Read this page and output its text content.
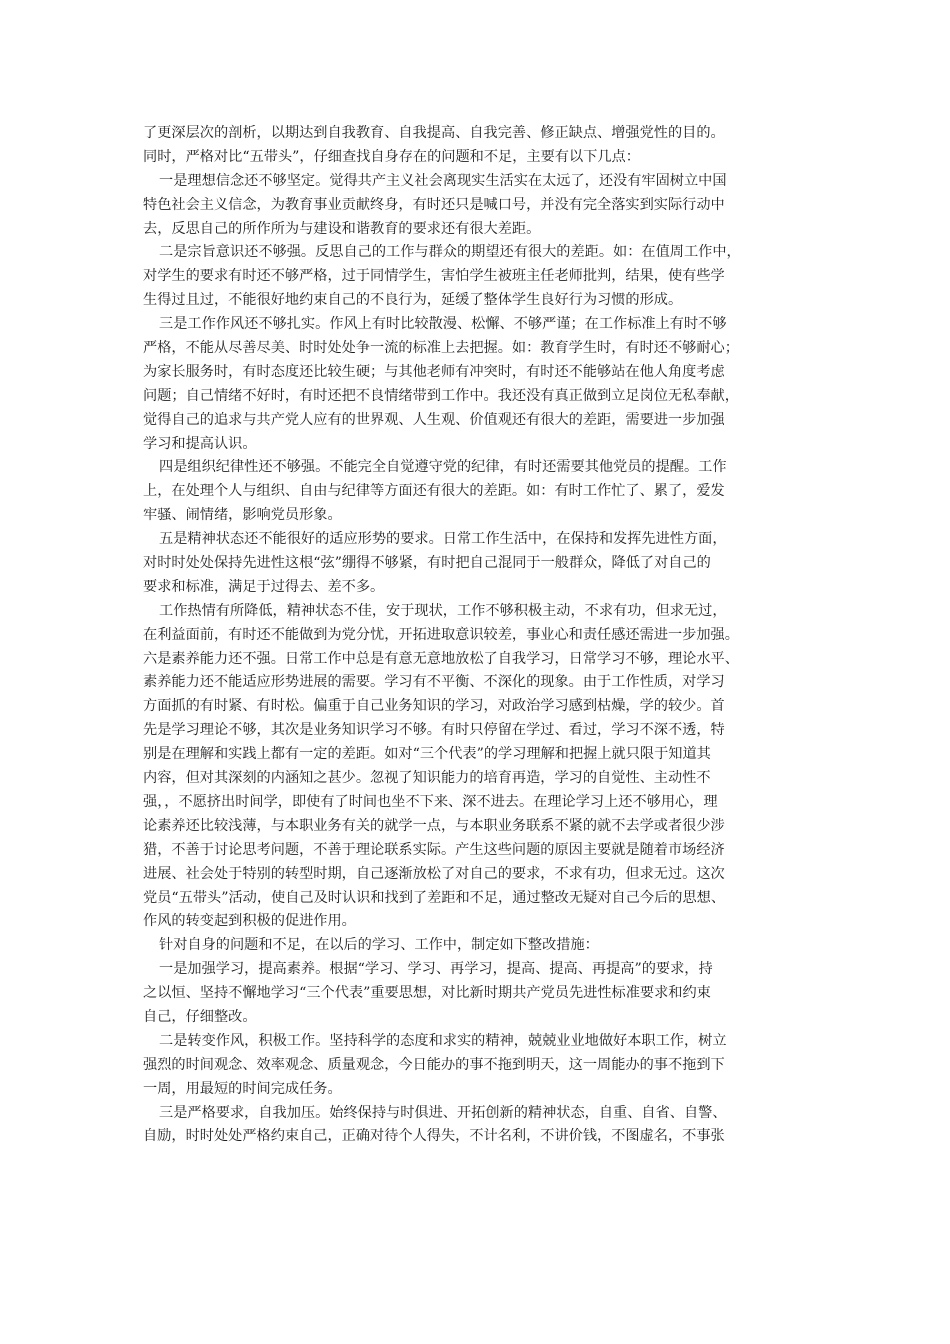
了更深层次的剖析，以期达到自我教育、自我提高、自我完善、修正缺点、增强党性的目的。
同时，严格对比“五带头”，仔细查找自身存在的问题和不足，主要有以下几点：
一是理想信念还不够坚定。觉得共产主义社会离现实生活实在太远了，还没有牢固树立中国
特色社会主义信念，为教育事业贡献终身，有时还只是喊口号，并没有完全落实到实际行动中
去，反思自己的所作所为与建设和谐教育的要求还有很大差距。
二是宗旨意识还不够强。反思自己的工作与群众的期望还有很大的差距。如：在值周工作中，
对学生的要求有时还不够严格，过于同情学生，害怕学生被班主任老师批判，结果，使有些学
生得过且过，不能很好地约束自己的不良行为，延缓了整体学生良好行为习惯的形成。
三是工作作风还不够扎实。作风上有时比较散漫、松懈、不够严谨；在工作标准上有时不够
严格，不能从尽善尽美、时时处处争一流的标准上去把握。如：教育学生时，有时还不够耐心；
为家长服务时，有时态度还比较生硬；与其他老师有冲突时，有时还不能够站在他人角度考虑
问题；自己情绪不好时，有时还把不良情绪带到工作中。我还没有真正做到立足岗位无私奉献，
觉得自己的追求与共产党人应有的世界观、人生观、价值观还有很大的差距，需要进一步加强
学习和提高认识。
四是组织纪律性还不够强。不能完全自觉遵守党的纪律，有时还需要其他党员的提醒。工作
上，在处理个人与组织、自由与纪律等方面还有很大的差距。如：有时工作忙了、累了，爱发
牢骚、闹情绪，影响党员形象。
五是精神状态还不能很好的适应形势的要求。日常工作生活中，在保持和发挥先进性方面，
对时时处处保持先进性这根“弦”绷得不够紧，有时把自己混同于一般群众，降低了对自己的
要求和标准，满足于过得去、差不多。
工作热情有所降低，精神状态不佳，安于现状，工作不够积极主动，不求有功，但求无过，
在利益面前，有时还不能做到为党分忧，开拓进取意识较差，事业心和责任感还需进一步加强。
六是素养能力还不强。日常工作中总是有意无意地放松了自我学习，日常学习不够，理论水平、
素养能力还不能适应形势进展的需要。学习有不平衡、不深化的现象。由于工作性质，对学习
方面抓的有时紧、有时松。偏重于自己业务知识的学习，对政治学习感到枯燥，学的较少。首
先是学习理论不够，其次是业务知识学习不够。有时只停留在学过、看过，学习不深不透，特
别是在理解和实践上都有一定的差距。如对“三个代表”的学习理解和把握上就只限于知道其
内容，但对其深刻的内涵知之甚少。忽视了知识能力的培育再造，学习的自觉性、主动性不
强，，不愿挤出时间学，即使有了时间也坐不下来、深不进去。在理论学习上还不够用心，理
论素养还比较浅薄，与本职业务有关的就学一点，与本职业务联系不紧的就不去学或者很少涉
猎，不善于讨论思考问题，不善于理论联系实际。产生这些问题的原因主要就是随着市场经济
进展、社会处于特别的转型时期，自己逐渐放松了对自己的要求，不求有功，但求无过。这次
党员“五带头”活动，使自己及时认识和找到了差距和不足，通过整改无疑对自己今后的思想、
作风的转变起到积极的促进作用。
针对自身的问题和不足，在以后的学习、工作中，制定如下整改措施：
一是加强学习，提高素养。根据“学习、学习、再学习，提高、提高、再提高”的要求，持
之以恒、坚持不懈地学习“三个代表”重要思想，对比新时期共产党员先进性标准要求和约束
自己，仔细整改。
二是转变作风，积极工作。坚持科学的态度和求实的精神，兢兢业业地做好本职工作，树立
强烈的时间观念、效率观念、质量观念，今日能办的事不拖到明天，这一周能办的事不拖到下
一周，用最短的时间完成任务。
三是严格要求，自我加压。始终保持与时俱进、开拓创新的精神状态，自重、自省、自警、
自励，时时处处严格约束自己，正确对待个人得失，不计名利，不讲价钱，不图虚名，不事张
